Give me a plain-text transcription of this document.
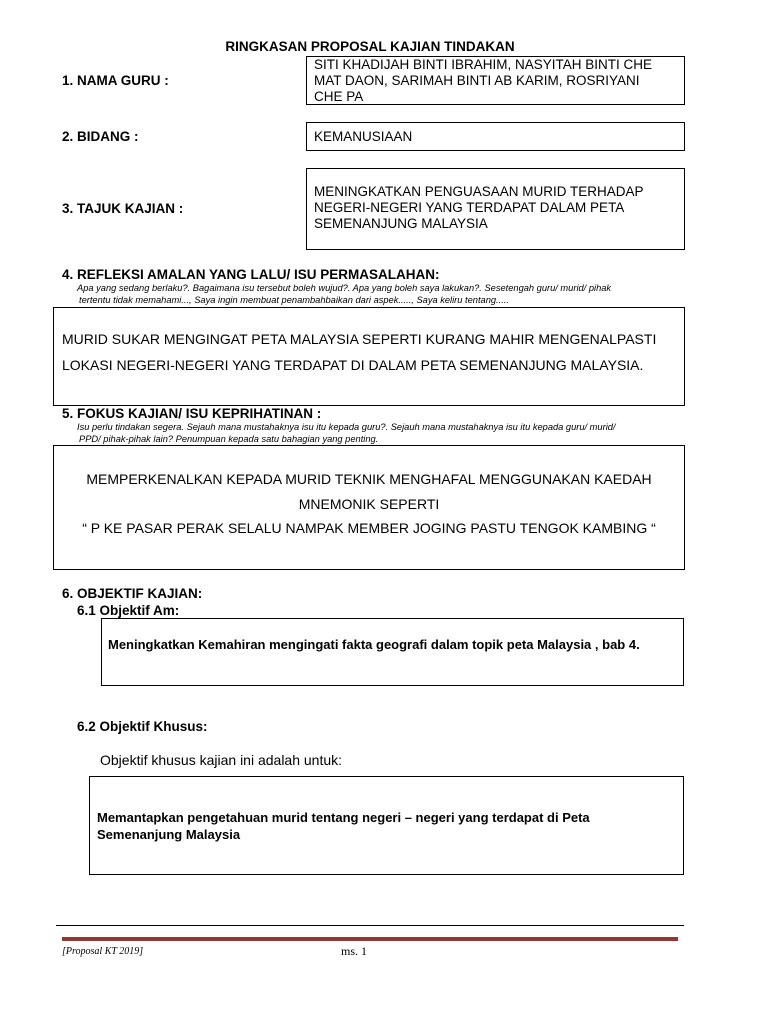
RINGKASAN PROPOSAL KAJIAN TINDAKAN
1. NAMA GURU :
SITI KHADIJAH BINTI IBRAHIM, NASYITAH BINTI CHE
MAT DAON, SARIMAH BINTI AB KARIM, ROSRIYANI
CHE PA
2. BIDANG :	KEMANUSIAAN
3. TAJUK KAJIAN :
MENINGKATKAN PENGUASAAN MURID TERHADAP
NEGERI-NEGERI YANG TERDAPAT DALAM PETA
SEMENANJUNG MALAYSIA
4. REFLEKSI AMALAN YANG LALU/ ISU PERMASALAHAN:
Apa yang sedang berlaku?. Bagaimana isu tersebut boleh wujud?. Apa yang boleh saya lakukan?. Sesetengah guru/ murid/ pihak
tertentu tidak memahami..., Saya ingin membuat penambahbaikan dari aspek....., Saya keliru tentang.....
MURID SUKAR MENGINGAT PETA MALAYSIA SEPERTI KURANG MAHIR MENGENALPASTI
LOKASI NEGERI-NEGERI YANG TERDAPAT DI DALAM PETA SEMENANJUNG MALAYSIA.
5. FOKUS KAJIAN/ ISU KEPRIHATINAN :
Isu perlu tindakan segera. Sejauh mana mustahaknya isu itu kepada guru?. Sejauh mana mustahaknya isu itu kepada guru/ murid/
PPD/ pihak-pihak lain? Penumpuan kepada satu bahagian yang penting.
MEMPERKENALKAN KEPADA MURID TEKNIK MENGHAFAL MENGGUNAKAN KAEDAH
MNEMONIK SEPERTI
“ P KE PASAR PERAK SELALU NAMPAK MEMBER JOGING PASTU TENGOK KAMBING “
6. OBJEKTIF KAJIAN:
6.1 Objektif Am:
Meningkatkan Kemahiran mengingati fakta geografi dalam topik peta Malaysia , bab 4.
6.2 Objektif Khusus:
Objektif khusus kajian ini adalah untuk:
Memantapkan pengetahuan murid tentang negeri – negeri yang terdapat di Peta
Semenanjung Malaysia
[Proposal KT 2019]	ms. 1
